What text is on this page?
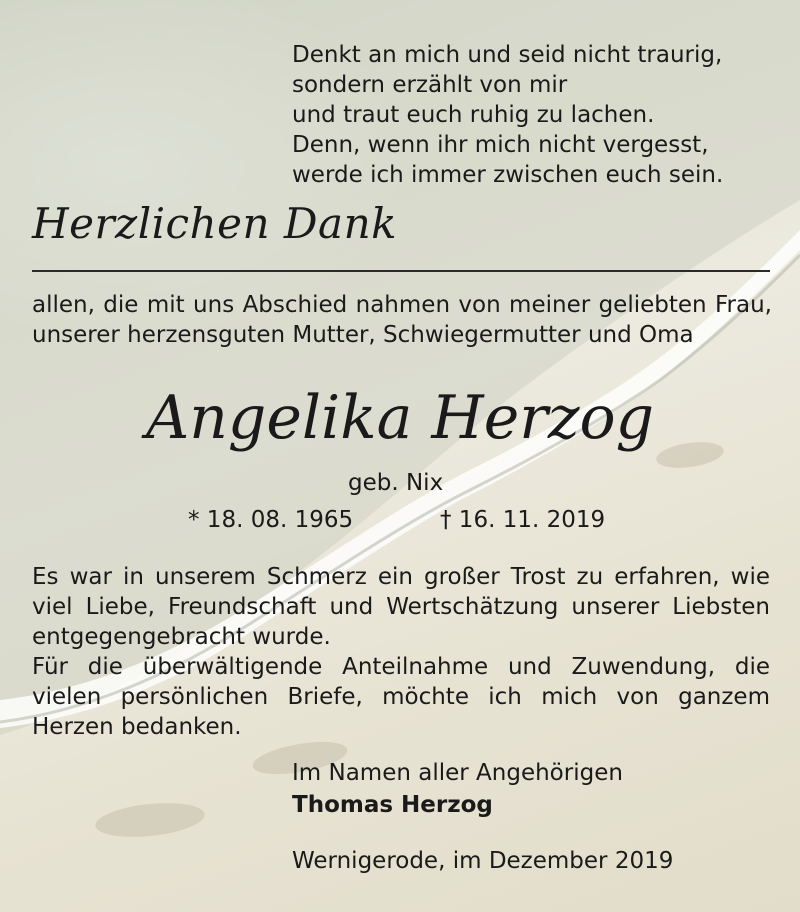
Denkt an mich und seid nicht traurig,
sondern erzählt von mir
und traut euch ruhig zu lachen.
Denn, wenn ihr mich nicht vergesst,
werde ich immer zwischen euch sein.
Herzlichen Dank
allen, die mit uns Abschied nahmen von meiner geliebten Frau, unserer herzensguten Mutter, Schwiegermutter und Oma
Angelika Herzog
geb. Nix
* 18. 08. 1965	† 16. 11. 2019

Es war in unserem Schmerz ein großer Trost zu erfahren, wie viel Liebe, Freundschaft und Wertschätzung unserer Liebsten entgegengebracht wurde.

Für die überwältigende Anteilnahme und Zuwendung, die vielen persönlichen Briefe, möchte ich mich von ganzem Herzen bedanken.

Im Namen aller Angehörigen
Thomas Herzog
Wernigerode, im Dezember 2019
